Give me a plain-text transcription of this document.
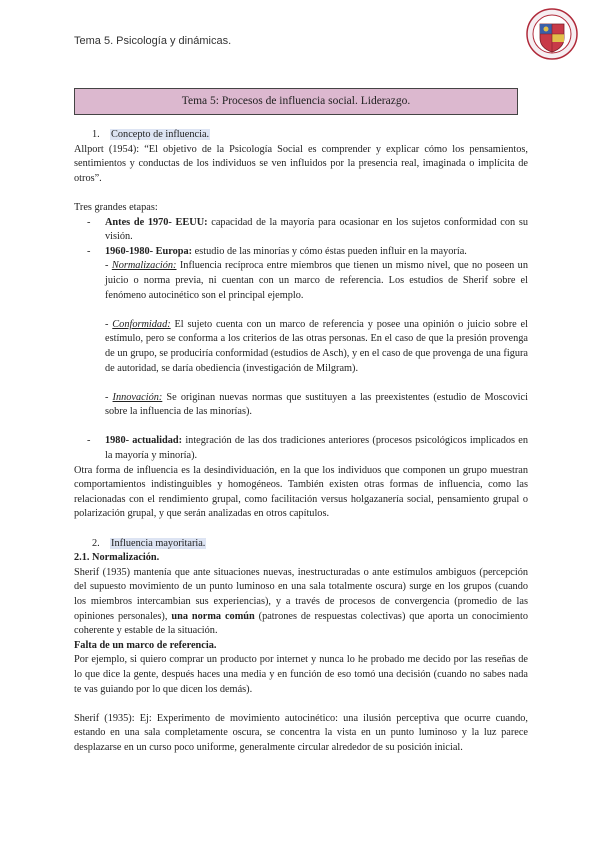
Tema 5. Psicología y dinámicas.
Tema 5: Procesos de influencia social. Liderazgo.

1. Concepto de influencia.

Allport (1954): “El objetivo de la Psicología Social es comprender y explicar cómo los pensamientos, sentimientos y conductas de los individuos se ven influidos por la presencia real, imaginada o implícita de otros”.

Tres grandes etapas:

- Antes de 1970- EEUU: capacidad de la mayoría para ocasionar en los sujetos conformidad con su visión.
- 1960-1980- Europa: estudio de las minorías y cómo éstas pueden influir en la mayoría.

- Normalización: Influencia recíproca entre miembros que tienen un mismo nivel, que no poseen un juicio o norma previa, ni cuentan con un marco de referencia. Los estudios de Sherif sobre el fenómeno autocinético son el principal ejemplo.

- Conformidad: El sujeto cuenta con un marco de referencia y posee una opinión o juicio sobre el estímulo, pero se conforma a los criterios de las otras personas. En el caso de que la presión provenga de un grupo, se produciría conformidad (estudios de Asch), y en el caso de que provenga de una figura de autoridad, se daría obediencia (investigación de Milgram).

- Innovación: Se originan nuevas normas que sustituyen a las preexistentes (estudio de Moscovici sobre la influencia de las minorías).

- 1980- actualidad: integración de las dos tradiciones anteriores (procesos psicológicos implicados en la mayoría y minoría).

Otra forma de influencia es la desindividuación, en la que los individuos que componen un grupo muestran comportamientos indistinguibles y homogéneos. También existen otras formas de influencia, como las relacionadas con el rendimiento grupal, como facilitación versus holgazanería social, pensamiento grupal o polarización grupal, y que serán analizadas en otros capítulos.

2. Influencia mayoritaria.

2.1. Normalización.

Sherif (1935) mantenía que ante situaciones nuevas, inestructuradas o ante estímulos ambiguos (percepción del supuesto movimiento de un punto luminoso en una sala totalmente oscura) surge en los grupos (cuando los miembros intercambian sus experiencias), y a través de procesos de convergencia (promedio de las opiniones personales), una norma común (patrones de respuestas colectivas) que aporta un conocimiento coherente y estable de la situación.

Falta de un marco de referencia.

Por ejemplo, si quiero comprar un producto por internet y nunca lo he probado me decido por las reseñas de lo que dice la gente, después haces una media y en función de eso tomó una decisión (cuando no sabes nada te vas guiando por lo que dicen los demás).

Sherif (1935): Ej: Experimento de movimiento autocinético: una ilusión perceptiva que ocurre cuando, estando en una sala completamente oscura, se concentra la vista en un punto luminoso y la luz parece desplazarse en un curso poco uniforme, generalmente circular alrededor de su posición inicial.
